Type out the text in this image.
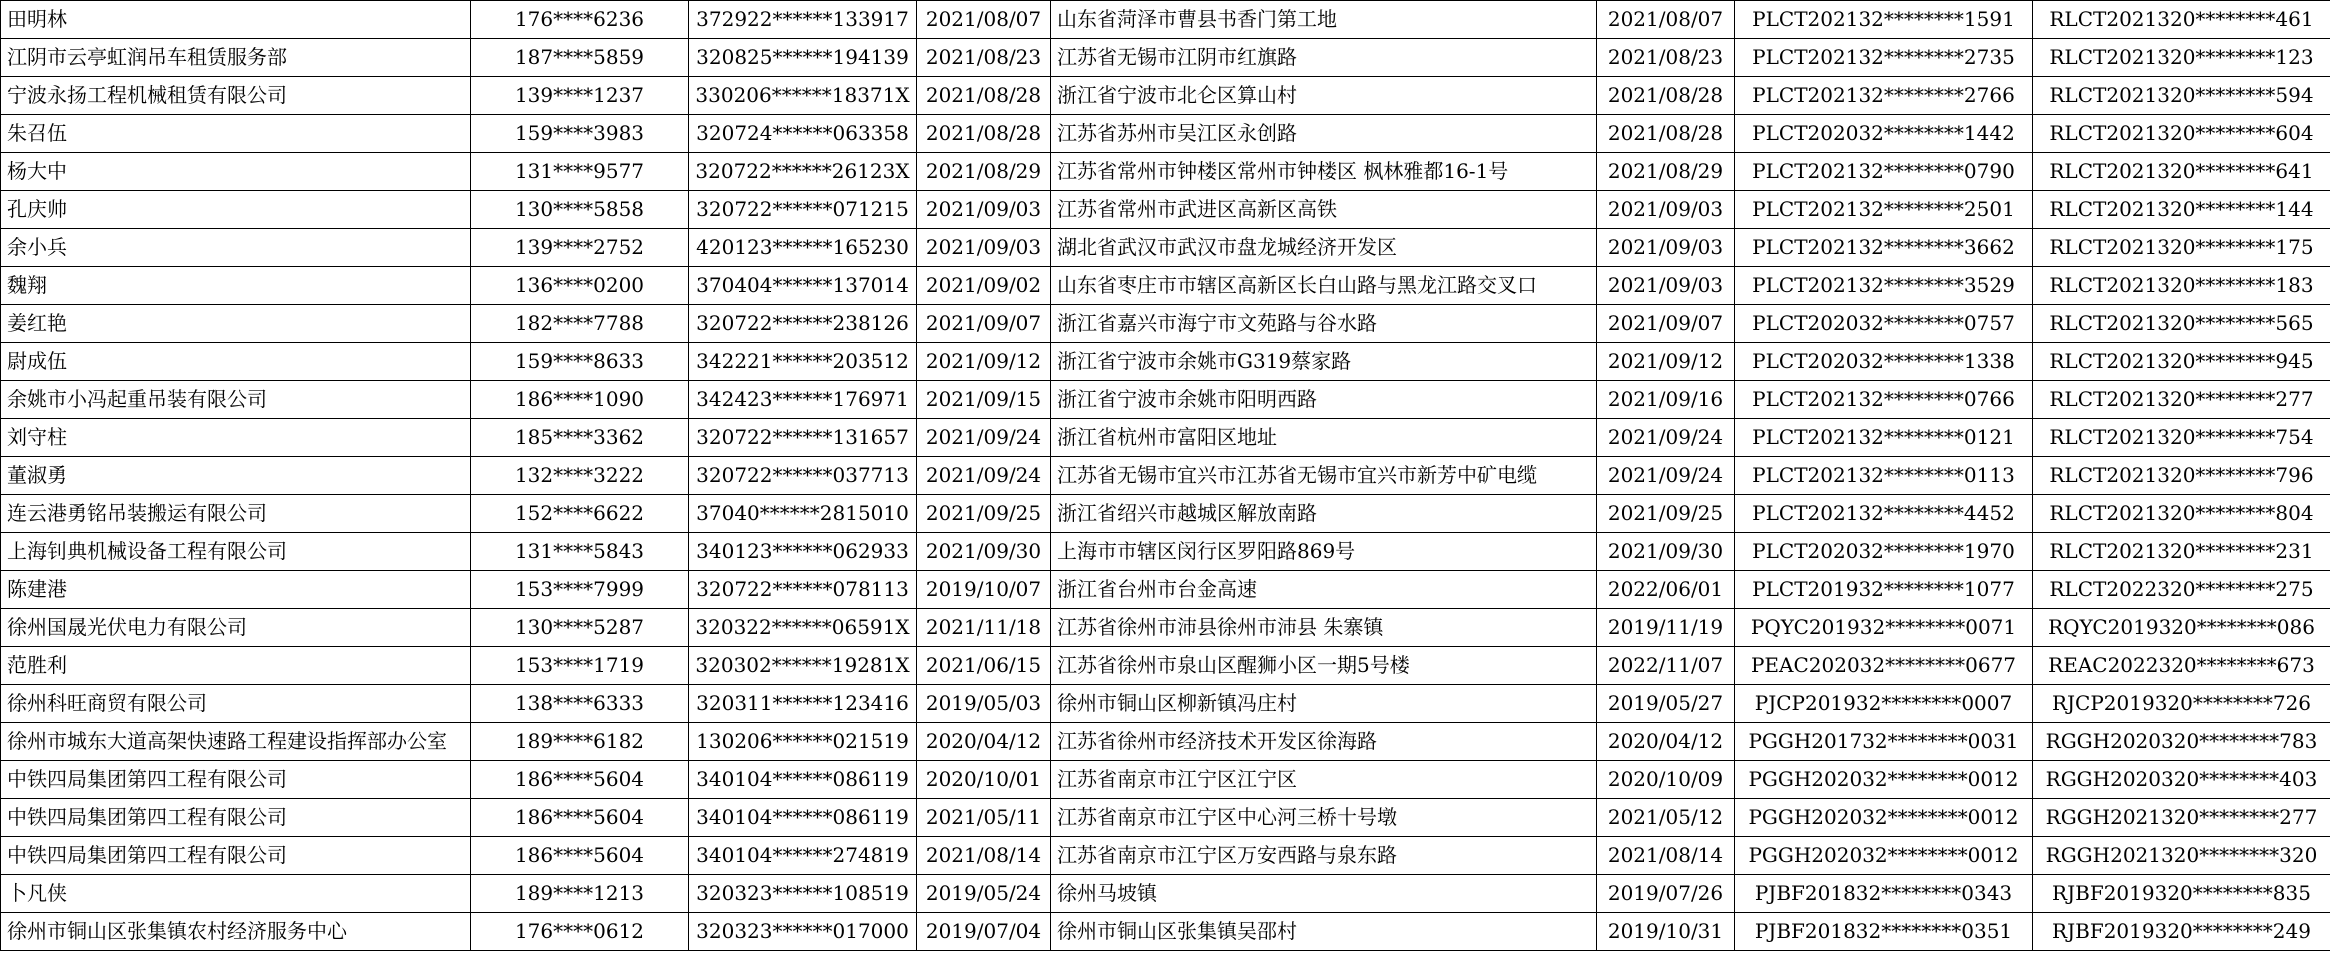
田明林	176****6236	372922******133917	2021/08/07	山东省菏泽市曹县书香门第工地	2021/08/07	PLCT202132********1591	RLCT2021320********461
江阴市云亭虹润吊车租赁服务部	187****5859	320825******194139	2021/08/23	江苏省无锡市江阴市红旗路	2021/08/23	PLCT202132********2735	RLCT2021320********123
宁波永扬工程机械租赁有限公司	139****1237	330206******18371X	2021/08/28	浙江省宁波市北仑区算山村	2021/08/28	PLCT202132********2766	RLCT2021320********594
朱召伍	159****3983	320724******063358	2021/08/28	江苏省苏州市吴江区永创路	2021/08/28	PLCT202032********1442	RLCT2021320********604
杨大中	131****9577	320722******26123X	2021/08/29	江苏省常州市钟楼区常州市钟楼区 枫林雅都16-1号	2021/08/29	PLCT202132********0790	RLCT2021320********641
孔庆帅	130****5858	320722******071215	2021/09/03	江苏省常州市武进区高新区高铁	2021/09/03	PLCT202132********2501	RLCT2021320********144
余小兵	139****2752	420123******165230	2021/09/03	湖北省武汉市武汉市盘龙城经济开发区	2021/09/03	PLCT202132********3662	RLCT2021320********175
魏翔	136****0200	370404******137014	2021/09/02	山东省枣庄市市辖区高新区长白山路与黑龙江路交叉口	2021/09/03	PLCT202132********3529	RLCT2021320********183
姜红艳	182****7788	320722******238126	2021/09/07	浙江省嘉兴市海宁市文苑路与谷水路	2021/09/07	PLCT202032********0757	RLCT2021320********565
尉成伍	159****8633	342221******203512	2021/09/12	浙江省宁波市余姚市G319蔡家路	2021/09/12	PLCT202032********1338	RLCT2021320********945
余姚市小冯起重吊装有限公司	186****1090	342423******176971	2021/09/15	浙江省宁波市余姚市阳明西路	2021/09/16	PLCT202132********0766	RLCT2021320********277
刘守柱	185****3362	320722******131657	2021/09/24	浙江省杭州市富阳区地址	2021/09/24	PLCT202132********0121	RLCT2021320********754
董淑勇	132****3222	320722******037713	2021/09/24	江苏省无锡市宜兴市江苏省无锡市宜兴市新芳中矿电缆	2021/09/24	PLCT202132********0113	RLCT2021320********796
连云港勇铭吊装搬运有限公司	152****6622	37040******2815010	2021/09/25	浙江省绍兴市越城区解放南路	2021/09/25	PLCT202132********4452	RLCT2021320********804
上海钊典机械设备工程有限公司	131****5843	340123******062933	2021/09/30	上海市市辖区闵行区罗阳路869号	2021/09/30	PLCT202032********1970	RLCT2021320********231
陈建港	153****7999	320722******078113	2019/10/07	浙江省台州市台金高速	2022/06/01	PLCT201932********1077	RLCT2022320********275
徐州国晟光伏电力有限公司	130****5287	320322******06591X	2021/11/18	江苏省徐州市沛县徐州市沛县 朱寨镇	2019/11/19	PQYC201932********0071	RQYC2019320********086
范胜利	153****1719	320302******19281X	2021/06/15	江苏省徐州市泉山区醒狮小区一期5号楼	2022/11/07	PEAC202032********0677	REAC2022320********673
徐州科旺商贸有限公司	138****6333	320311******123416	2019/05/03	徐州市铜山区柳新镇冯庄村	2019/05/27	PJCP201932********0007	RJCP2019320********726
徐州市城东大道高架快速路工程建设指挥部办公室	189****6182	130206******021519	2020/04/12	江苏省徐州市经济技术开发区徐海路	2020/04/12	PGGH201732********0031	RGGH2020320********783
中铁四局集团第四工程有限公司	186****5604	340104******086119	2020/10/01	江苏省南京市江宁区江宁区	2020/10/09	PGGH202032********0012	RGGH2020320********403
中铁四局集团第四工程有限公司	186****5604	340104******086119	2021/05/11	江苏省南京市江宁区中心河三桥十号墩	2021/05/12	PGGH202032********0012	RGGH2021320********277
中铁四局集团第四工程有限公司	186****5604	340104******274819	2021/08/14	江苏省南京市江宁区万安西路与泉东路	2021/08/14	PGGH202032********0012	RGGH2021320********320
卜凡侠	189****1213	320323******108519	2019/05/24	徐州马坡镇	2019/07/26	PJBF201832********0343	RJBF2019320********835
徐州市铜山区张集镇农村经济服务中心	176****0612	320323******017000	2019/07/04	徐州市铜山区张集镇吴邵村	2019/10/31	PJBF201832********0351	RJBF2019320********249
